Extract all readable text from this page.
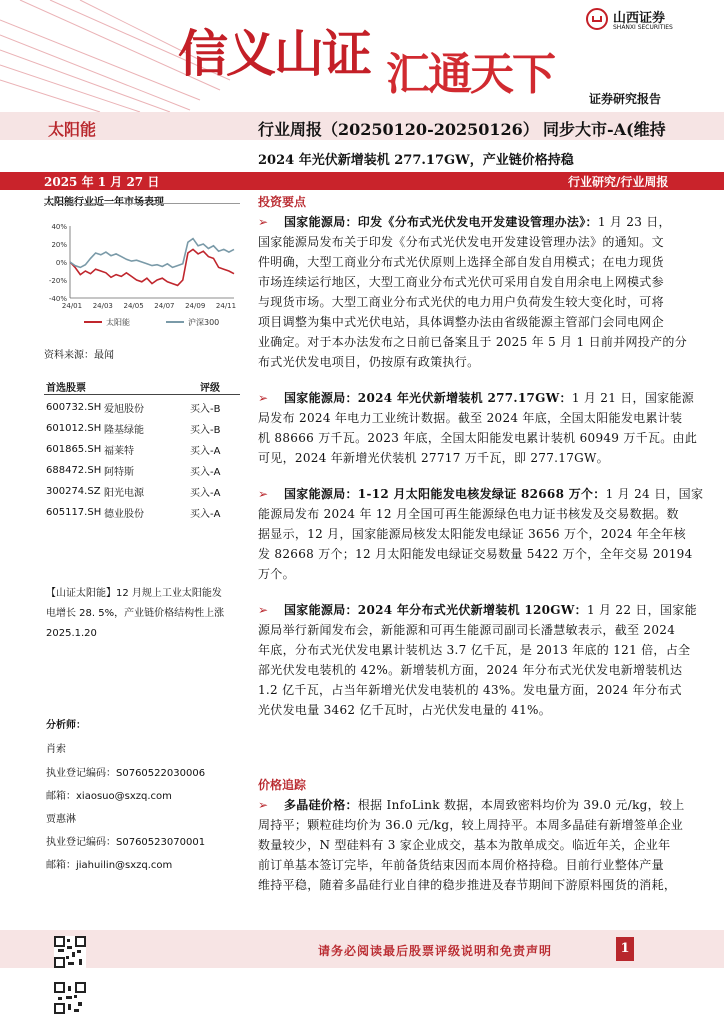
信义山证 汇通天下
山西证券
SHANXI SECURITIES
证券研究报告
太阳能	行业周报（20250120-20250126） 同步大市-A(维持
2024 年光伏新增装机 277.17GW，产业链价格持稳
2025 年 1 月 27 日	行业研究/行业周报
40%
20%
0%
-20%
-40%
24/01 24/03 24/05 24/07 24/09 24/11
太阳能	沪深300
资料来源：最闻
首选股票	评级
600732.SH	爱旭股份	买入-B
601012.SH	隆基绿能	买入-B
601865.SH	福莱特	买入-A
688472.SH	阿特斯	买入-A
300274.SZ	阳光电源	买入-A
605117.SH	德业股份	买入-A
【山证太阳能】12 月规上工业太阳能发
电增长 28. 5%，产业链价格结构性上涨
2025.1.20
分析师：
肖索
执业登记编码：S0760522030006
邮箱：xiaosuo@sxzq.com
贾惠淋
执业登记编码：S0760523070001
邮箱：jiahuilin@sxzq.com
投资要点
➢ 国家能源局：印发《分布式光伏发电开发建设管理办法》：1 月 23 日，
国家能源局发布关于印发《分布式光伏发电开发建设管理办法》的通知。文
件明确，大型工商业分布式光伏原则上选择全部自发自用模式；在电力现货
市场连续运行地区，大型工商业分布式光伏可采用自发自用余电上网模式参
与现货市场。大型工商业分布式光伏的电力用户负荷发生较大变化时，可将
项目调整为集中式光伏电站，具体调整办法由省级能源主管部门会同电网企
业确定。对于本办法发布之日前已备案且于 2025 年 5 月 1 日前并网投产的分
布式光伏发电项目，仍按原有政策执行。
➢ 国家能源局：2024 年光伏新增装机 277.17GW：1 月 21 日，国家能源
局发布 2024 年电力工业统计数据。截至 2024 年底，全国太阳能发电累计装
机 88666 万千瓦。2023 年底，全国太阳能发电累计装机 60949 万千瓦。由此
可见，2024 年新增光伏装机 27717 万千瓦，即 277.17GW。
➢ 国家能源局：1-12 月太阳能发电核发绿证 82668 万个：1 月 24 日，国家
能源局发布 2024 年 12 月全国可再生能源绿色电力证书核发及交易数据。数
据显示，12 月，国家能源局核发太阳能发电绿证 3656 万个，2024 年全年核
发 82668 万个；12 月太阳能发电绿证交易数量 5422 万个，全年交易 20194
万个。
➢ 国家能源局：2024 年分布式光伏新增装机 120GW：1 月 22 日，国家能
源局举行新闻发布会，新能源和可再生能源司副司长潘慧敏表示，截至 2024
年底，分布式光伏发电累计装机达 3.7 亿千瓦，是 2013 年底的 121 倍，占全
部光伏发电装机的 42%。新增装机方面，2024 年分布式光伏发电新增装机达
1.2 亿千瓦，占当年新增光伏发电装机的 43%。发电量方面，2024 年分布式
光伏发电量 3462 亿千瓦时，占光伏发电量的 41%。
价格追踪
➢ 多晶硅价格：根据 InfoLink 数据，本周致密料均价为 39.0 元/kg，较上
周持平；颗粒硅均价为 36.0 元/kg，较上周持平。本周多晶硅有新增签单企业
数量较少，N 型硅料有 3 家企业成交，基本为散单成交。临近年关，企业年
前订单基本签订完毕，年前备货结束因而本周价格持稳。目前行业整体产量
维持平稳，随着多晶硅行业自律的稳步推进及春节期间下游原料囤货的消耗，
请务必阅读最后股票评级说明和免责声明	1
